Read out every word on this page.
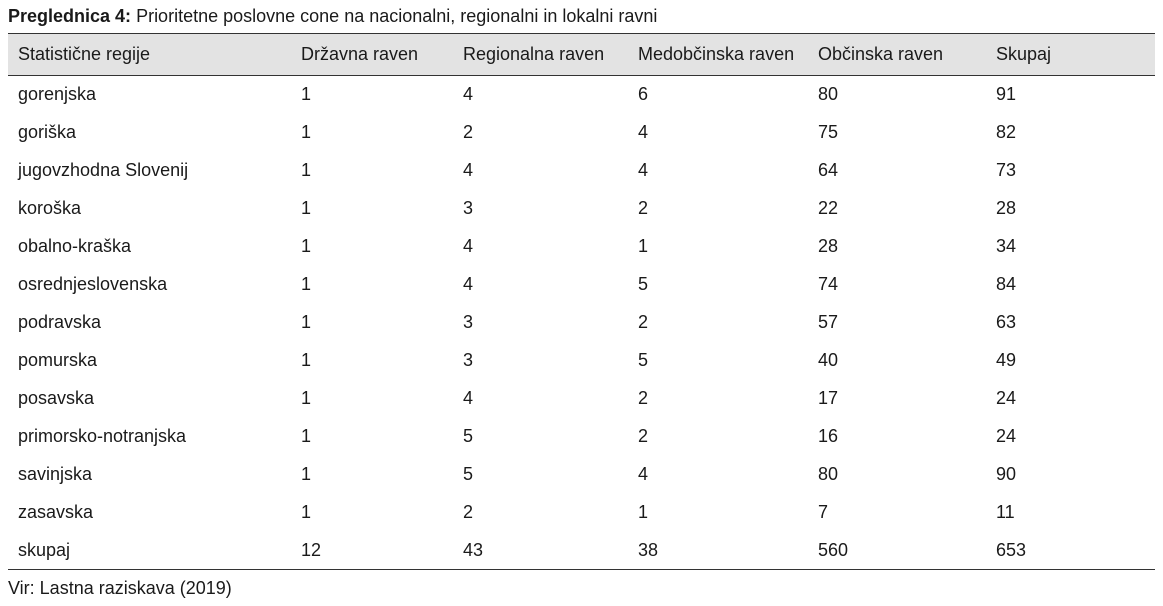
Preglednica 4: Prioritetne poslovne cone na nacionalni, regionalni in lokalni ravni
Statistične regije	Državna raven	Regionalna raven	Medobčinska raven	Občinska raven	Skupaj
gorenjska	1	4	6	80	91
goriška	1	2	4	75	82
jugovzhodna Slovenij	1	4	4	64	73
koroška	1	3	2	22	28
obalno-kraška	1	4	1	28	34
osrednjeslovenska	1	4	5	74	84
podravska	1	3	2	57	63
pomurska	1	3	5	40	49
posavska	1	4	2	17	24
primorsko-notranjska	1	5	2	16	24
savinjska	1	5	4	80	90
zasavska	1	2	1	7	11
skupaj	12	43	38	560	653
Vir: Lastna raziskava (2019)
